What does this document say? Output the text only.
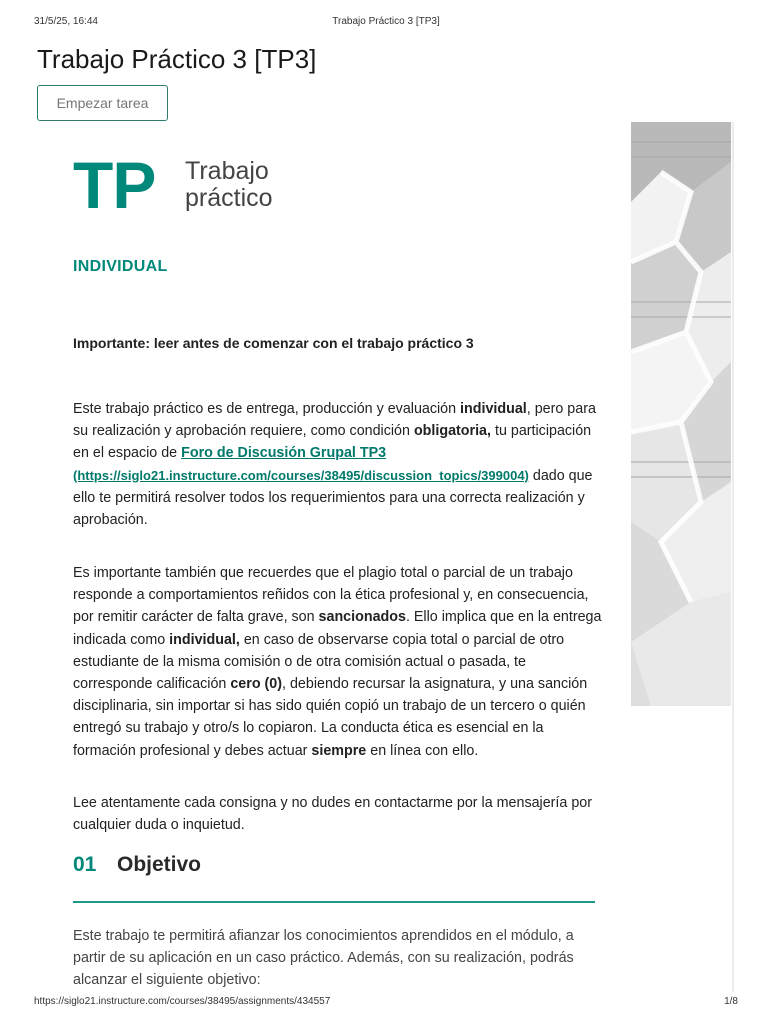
31/5/25, 16:44	Trabajo Práctico 3 [TP3]
Trabajo Práctico 3 [TP3]
Empezar tarea
TP Trabajo
práctico
INDIVIDUAL
Importante: leer antes de comenzar con el trabajo práctico 3

Este trabajo práctico es de entrega, producción y evaluación individual, pero para su realización y aprobación requiere, como condición obligatoria, tu participación en el espacio de Foro de Discusión Grupal TP3 (https://siglo21.instructure.com/courses/38495/discussion_topics/399004) dado que ello te permitirá resolver todos los requerimientos para una correcta realización y aprobación.

Es importante también que recuerdes que el plagio total o parcial de un trabajo responde a comportamientos reñidos con la ética profesional y, en consecuencia, por remitir carácter de falta grave, son sancionados. Ello implica que en la entrega indicada como individual, en caso de observarse copia total o parcial de otro estudiante de la misma comisión o de otra comisión actual o pasada, te corresponde calificación cero (0), debiendo recursar la asignatura, y una sanción disciplinaria, sin importar si has sido quién copió un trabajo de un tercero o quién entregó su trabajo y otro/s lo copiaron. La conducta ética es esencial en la formación profesional y debes actuar siempre en línea con ello.

Lee atentamente cada consigna y no dudes en contactarme por la mensajería por cualquier duda o inquietud.

01 Objetivo

Este trabajo te permitirá afianzar los conocimientos aprendidos en el módulo, a partir de su aplicación en un caso práctico. Además, con su realización, podrás alcanzar el siguiente objetivo:

https://siglo21.instructure.com/courses/38495/assignments/434557	1/8
